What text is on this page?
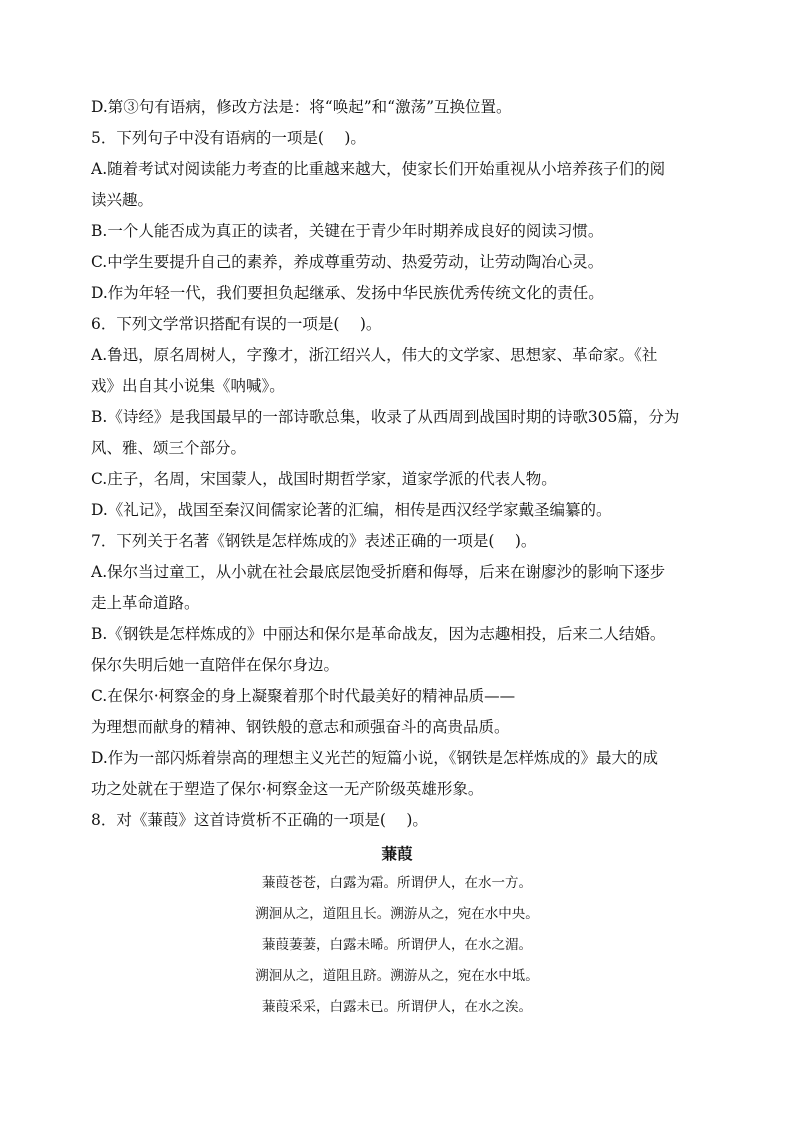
D.第③句有语病，修改方法是：将“唤起”和“激荡”互换位置。
5．下列句子中没有语病的一项是(　 )。
A.随着考试对阅读能力考查的比重越来越大，使家长们开始重视从小培养孩子们的阅
读兴趣。
B.一个人能否成为真正的读者，关键在于青少年时期养成良好的阅读习惯。
C.中学生要提升自己的素养，养成尊重劳动、热爱劳动，让劳动陶冶心灵。
D.作为年轻一代，我们要担负起继承、发扬中华民族优秀传统文化的责任。
6．下列文学常识搭配有误的一项是(　 )。
A.鲁迅，原名周树人，字豫才，浙江绍兴人，伟大的文学家、思想家、革命家。《社
戏》出自其小说集《呐喊》。
B.《诗经》是我国最早的一部诗歌总集，收录了从西周到战国时期的诗歌305篇，分为
风、雅、颂三个部分。
C.庄子，名周，宋国蒙人，战国时期哲学家，道家学派的代表人物。
D.《礼记》，战国至秦汉间儒家论著的汇编，相传是西汉经学家戴圣编纂的。
7．下列关于名著《钢铁是怎样炼成的》表述正确的一项是(　 )。
A.保尔当过童工，从小就在社会最底层饱受折磨和侮辱，后来在谢廖沙的影响下逐步
走上革命道路。
B.《钢铁是怎样炼成的》中丽达和保尔是革命战友，因为志趣相投，后来二人结婚。
保尔失明后她一直陪伴在保尔身边。
C.在保尔·柯察金的身上凝聚着那个时代最美好的精神品质——
为理想而献身的精神、钢铁般的意志和顽强奋斗的高贵品质。
D.作为一部闪烁着崇高的理想主义光芒的短篇小说，《钢铁是怎样炼成的》最大的成
功之处就在于塑造了保尔·柯察金这一无产阶级英雄形象。
8．对《蒹葭》这首诗赏析不正确的一项是(　 )。
蒹葭
蒹葭苍苍，白露为霜。所谓伊人，在水一方。
溯洄从之，道阻且长。溯游从之，宛在水中央。
蒹葭萋萋，白露未晞。所谓伊人，在水之湄。
溯洄从之，道阻且跻。溯游从之，宛在水中坻。
蒹葭采采，白露未已。所谓伊人，在水之涘。
